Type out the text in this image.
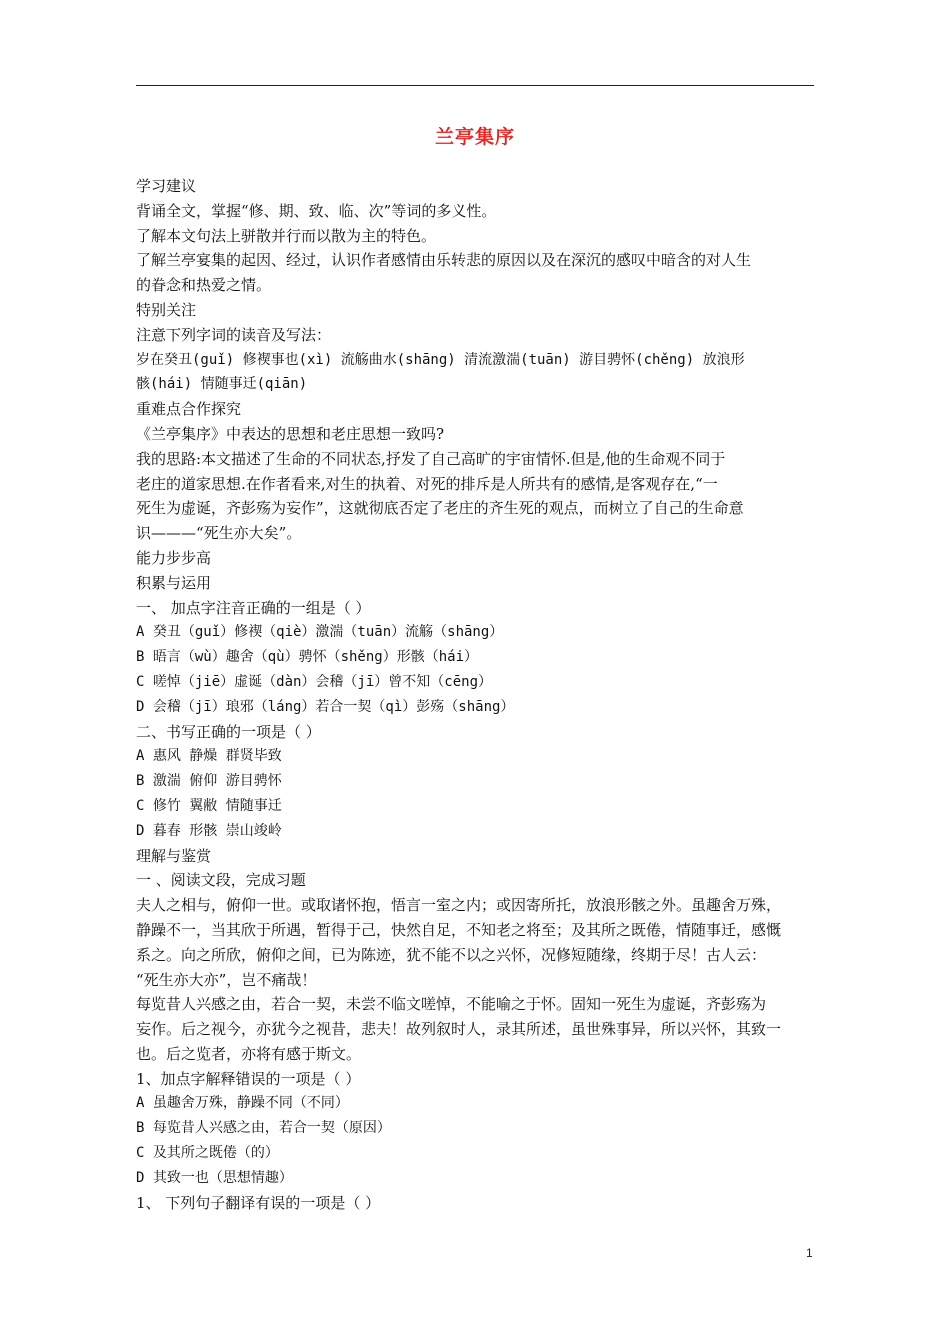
兰亭集序
学习建议
背诵全文，掌握“修、期、致、临、次”等词的多义性。
了解本文句法上骈散并行而以散为主的特色。
了解兰亭宴集的起因、经过，认识作者感情由乐转悲的原因以及在深沉的感叹中暗含的对人生
的眷念和热爱之情。
特别关注
注意下列字词的读音及写法：
岁在癸丑(guǐ) 修褉事也(xì) 流觞曲水(shāng) 清流激湍(tuān) 游目骋怀(chěng) 放浪形
骸(hái) 情随事迁(qiān)
重难点合作探究
《兰亭集序》中表达的思想和老庄思想一致吗?
我的思路:本文描述了生命的不同状态,抒发了自己高旷的宇宙情怀.但是,他的生命观不同于
老庄的道家思想.在作者看来,对生的执着、对死的排斥是人所共有的感情,是客观存在,“一
死生为虚诞，齐彭殇为妄作”，这就彻底否定了老庄的齐生死的观点，而树立了自己的生命意
识———“死生亦大矣”。
能力步步高
积累与运用
一、 加点字注音正确的一组是（ ）
A 癸丑（guǐ）修禊（qiè）激湍（tuān）流觞（shāng）
B 晤言（wù）趣舍（qù）骋怀（shěng）形骸（hái）
C 嗟悼（jiē）虚诞（dàn）会稽（jī）曾不知（cēng）
D 会稽（jī）琅邪（láng）若合一契（qì）彭殇（shāng）
二、书写正确的一项是（ ）
A 惠风 静燥 群贤毕致
B 激湍 俯仰 游目骋怀
C 修竹 翼敝 情随事迁
D 暮春 形骸 崇山竣岭
理解与鉴赏
一 、阅读文段，完成习题
夫人之相与，俯仰一世。或取诸怀抱，悟言一室之内；或因寄所托，放浪形骸之外。虽趣舍万殊，
静躁不一，当其欣于所遇，暂得于己，快然自足，不知老之将至；及其所之既倦，情随事迁，感慨
系之。向之所欣，俯仰之间，已为陈迹，犹不能不以之兴怀，况修短随缘，终期于尽！古人云：
“死生亦大亦”，岂不痛哉！
每览昔人兴感之由，若合一契，未尝不临文嗟悼，不能喻之于怀。固知一死生为虚诞，齐彭殇为
妄作。后之视今，亦犹今之视昔，悲夫！故列叙时人，录其所述，虽世殊事异，所以兴怀，其致一
也。后之览者，亦将有感于斯文。
1、加点字解释错误的一项是（ ）
A 虽趣舍万殊，静躁不同（不同）
B 每览昔人兴感之由，若合一契（原因）
C 及其所之既倦（的）
D 其致一也（思想情趣）
1、 下列句子翻译有误的一项是（ ）
1
